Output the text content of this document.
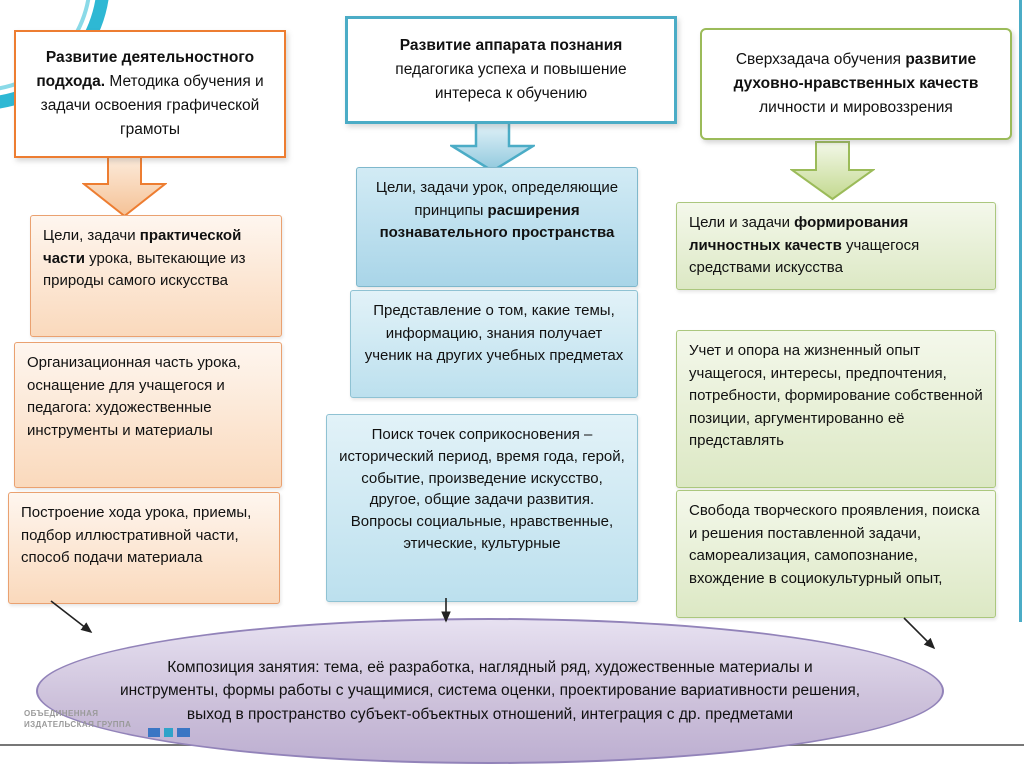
Развитие деятельностного подхода. Методика обучения и задачи освоения графической грамоты
Развитие аппарата познания педагогика успеха и повышение интереса к обучению
Сверхзадача обучения развитие духовно-нравственных качеств личности и мировоззрения
Цели, задачи практической части урока, вытекающие из природы самого искусства
Организационная часть урока, оснащение для учащегося и педагога: художественные инструменты и материалы
Построение хода урока, приемы, подбор иллюстративной части, способ подачи материала
Цели, задачи урок, определяющие принципы расширения познавательного пространства
Представление о том, какие темы, информацию, знания получает ученик на других учебных предметах
Поиск точек соприкосновения – исторический период, время года, герой, событие, произведение искусство, другое, общие задачи развития. Вопросы социальные, нравственные, этические, культурные
Цели и задачи формирования личностных качеств учащегося средствами искусства
Учет и опора на жизненный опыт учащегося, интересы, предпочтения, потребности, формирование собственной позиции, аргументированно её представлять
Свобода творческого проявления, поиска и решения поставленной задачи, самореализация, самопознание, вхождение в социокультурный опыт,
Композиция занятия: тема, её разработка, наглядный ряд, художественные материалы и инструменты, формы работы с учащимися, система оценки, проектирование вариативности решения, выход в пространство субъект-объектных отношений, интеграция с др. предметами
ОБЪЕДИНЕННАЯ
ИЗДАТЕЛЬСКАЯ ГРУППА
